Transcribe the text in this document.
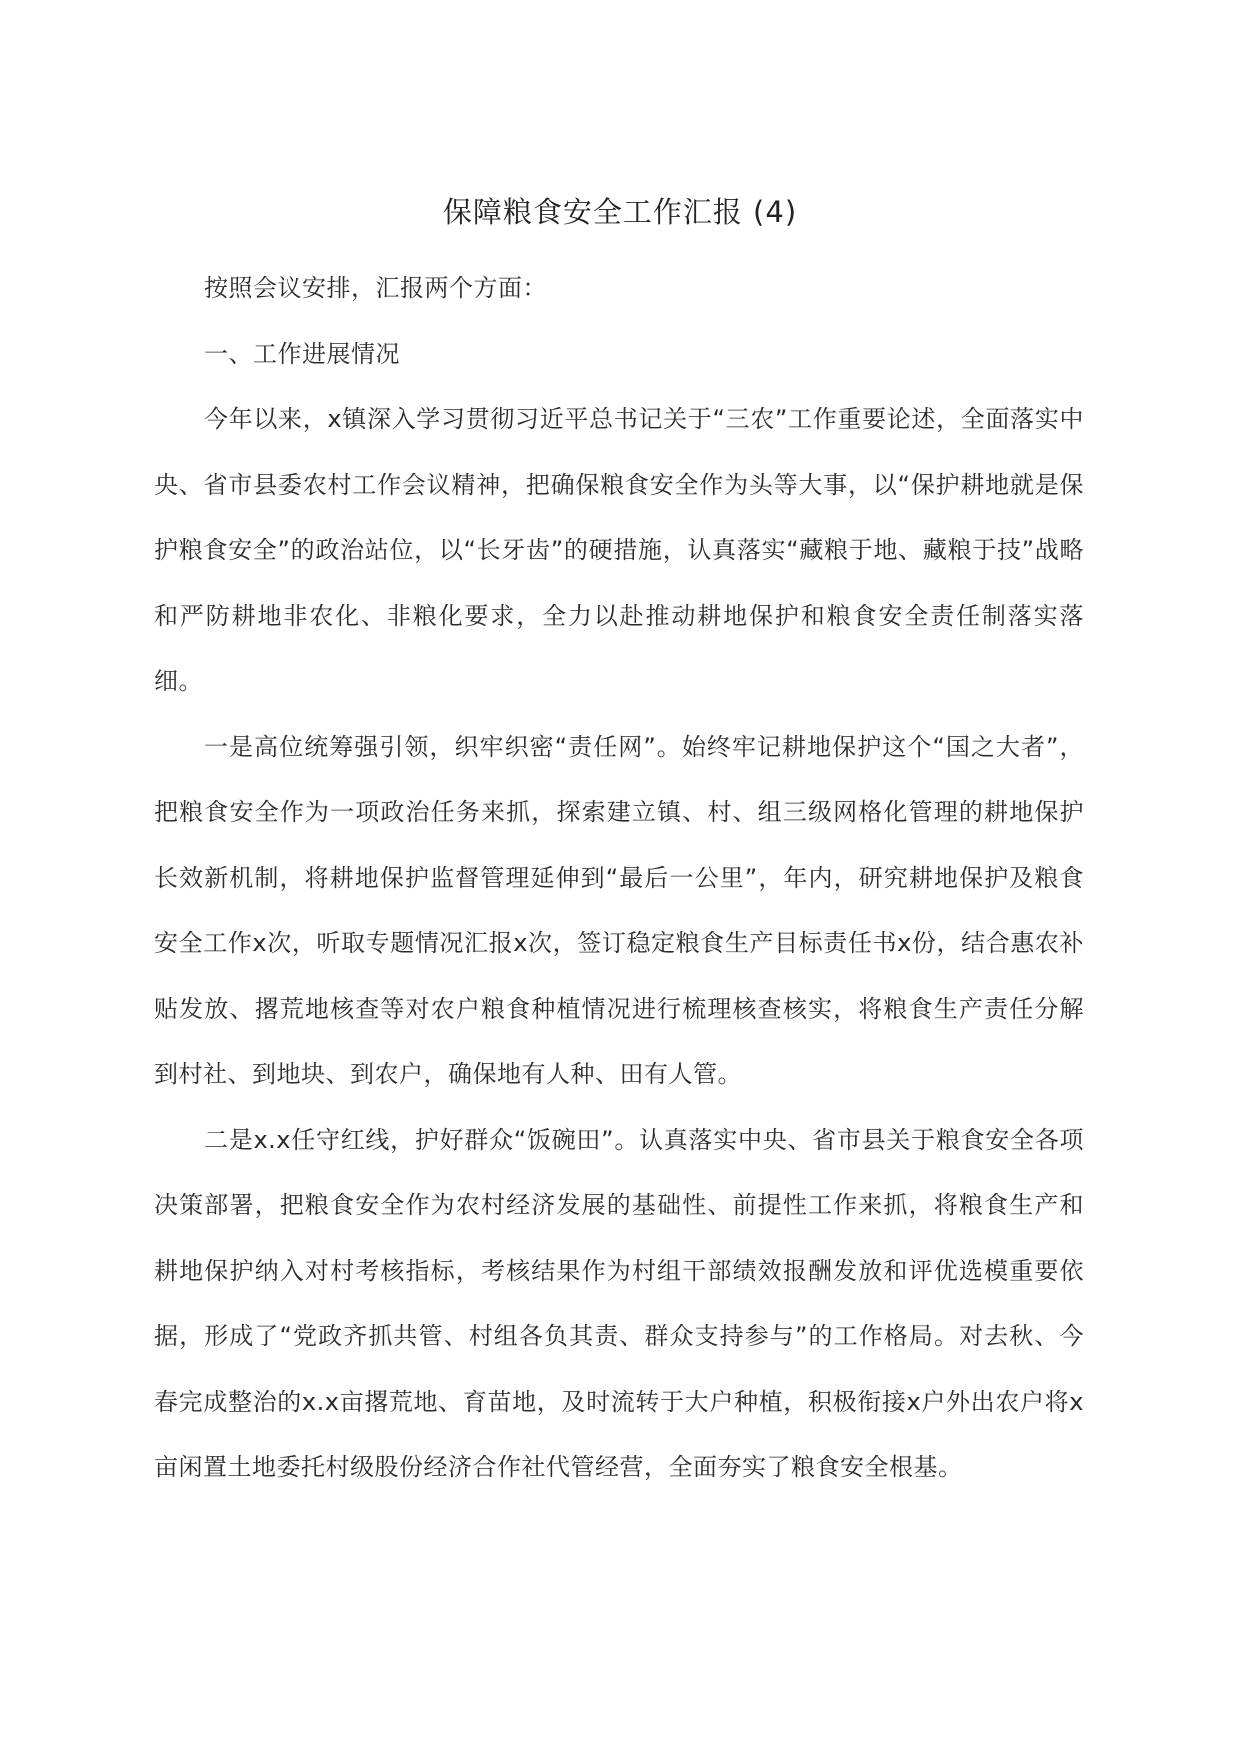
保障粮食安全工作汇报 (4)

按照会议安排，汇报两个方面：

一、工作进展情况

今年以来，x镇深入学习贯彻习近平总书记关于“三农”工作重要论述，全面落实中央、省市县委农村工作会议精神，把确保粮食安全作为头等大事，以“保护耕地就是保护粮食安全”的政治站位，以“长牙齿”的硬措施，认真落实“藏粮于地、藏粮于技”战略和严防耕地非农化、非粮化要求，全力以赴推动耕地保护和粮食安全责任制落实落细。

一是高位统筹强引领，织牢织密“责任网”。始终牢记耕地保护这个“国之大者”，把粮食安全作为一项政治任务来抓，探索建立镇、村、组三级网格化管理的耕地保护长效新机制，将耕地保护监督管理延伸到“最后一公里”，年内，研究耕地保护及粮食安全工作x次，听取专题情况汇报x次，签订稳定粮食生产目标责任书x份，结合惠农补贴发放、撂荒地核查等对农户粮食种植情况进行梳理核查核实，将粮食生产责任分解到村社、到地块、到农户，确保地有人种、田有人管。

二是x.x任守红线，护好群众“饭碗田”。认真落实中央、省市县关于粮食安全各项决策部署，把粮食安全作为农村经济发展的基础性、前提性工作来抓，将粮食生产和耕地保护纳入对村考核指标，考核结果作为村组干部绩效报酬发放和评优选模重要依据，形成了“党政齐抓共管、村组各负其责、群众支持参与”的工作格局。对去秋、今春完成整治的x.x亩撂荒地、育苗地，及时流转于大户种植，积极衔接x户外出农户将x亩闲置土地委托村级股份经济合作社代管经营，全面夯实了粮食安全根基。
